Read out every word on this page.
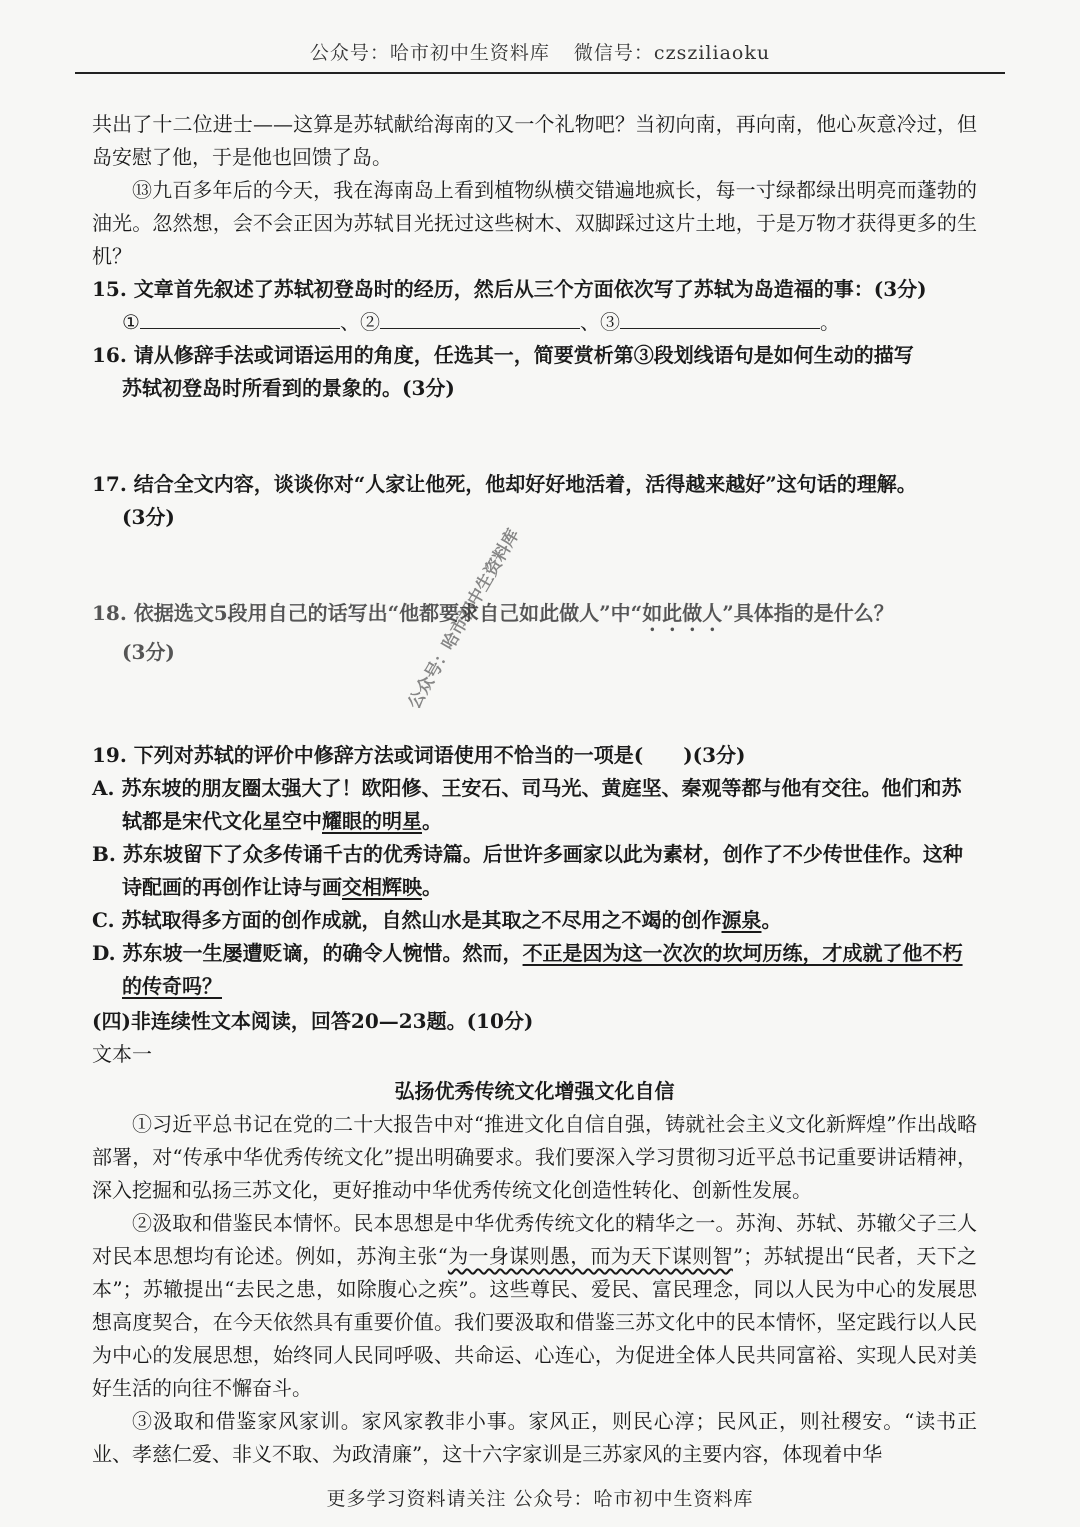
公众号：哈市初中生资料库 微信号：czsziliaoku

共出了十二位进士——这算是苏轼献给海南的又一个礼物吧？当初向南，再向南，他心灰意冷过，但岛安慰了他，于是他也回馈了岛。

⑬九百多年后的今天，我在海南岛上看到植物纵横交错遍地疯长，每一寸绿都绿出明亮而蓬勃的油光。忽然想，会不会正因为苏轼目光抚过这些树木、双脚踩过这片土地，于是万物才获得更多的生机？

15. 文章首先叙述了苏轼初登岛时的经历，然后从三个方面依次写了苏轼为岛造福的事：(3分)

①	、②	、③	。

16. 请从修辞手法或词语运用的角度，任选其一，简要赏析第③段划线语句是如何生动的描写

苏轼初登岛时所看到的景象的。(3分)

17. 结合全文内容，谈谈你对“人家让他死，他却好好地活着，活得越来越好”这句话的理解。

(3分)

18. 依据选文5段用自己的话写出“他都要求自己如此做人”中“如此做人”具体指的是什么？

(3分)

19. 下列对苏轼的评价中修辞方法或词语使用不恰当的一项是(　　)(3分)

A. 苏东坡的朋友圈太强大了！欧阳修、王安石、司马光、黄庭坚、秦观等都与他有交往。他们和苏轼都是宋代文化星空中耀眼的明星。

B. 苏东坡留下了众多传诵千古的优秀诗篇。后世许多画家以此为素材，创作了不少传世佳作。这种诗配画的再创作让诗与画交相辉映。

C. 苏轼取得多方面的创作成就，自然山水是其取之不尽用之不竭的创作源泉。

D. 苏东坡一生屡遭贬谪，的确令人惋惜。然而，不正是因为这一次次的坎坷历练，才成就了他不朽的传奇吗？

(四)非连续性文本阅读，回答20—23题。(10分)

文本一

弘扬优秀传统文化增强文化自信

①习近平总书记在党的二十大报告中对“推进文化自信自强，铸就社会主义文化新辉煌”作出战略部署，对“传承中华优秀传统文化”提出明确要求。我们要深入学习贯彻习近平总书记重要讲话精神，深入挖掘和弘扬三苏文化，更好推动中华优秀传统文化创造性转化、创新性发展。

②汲取和借鉴民本情怀。民本思想是中华优秀传统文化的精华之一。苏洵、苏轼、苏辙父子三人对民本思想均有论述。例如，苏洵主张“为一身谋则愚，而为天下谋则智”；苏轼提出“民者，天下之本”；苏辙提出“去民之患，如除腹心之疾”。这些尊民、爱民、富民理念，同以人民为中心的发展思想高度契合，在今天依然具有重要价值。我们要汲取和借鉴三苏文化中的民本情怀，坚定践行以人民为中心的发展思想，始终同人民同呼吸、共命运、心连心，为促进全体人民共同富裕、实现人民对美好生活的向往不懈奋斗。

③汲取和借鉴家风家训。家风家教非小事。家风正，则民心淳；民风正，则社稷安。“读书正业、孝慈仁爱、非义不取、为政清廉”，这十六字家训是三苏家风的主要内容，体现着中华

公众号：哈市初中生资料库
更多学习资料请关注 公众号：哈市初中生资料库
